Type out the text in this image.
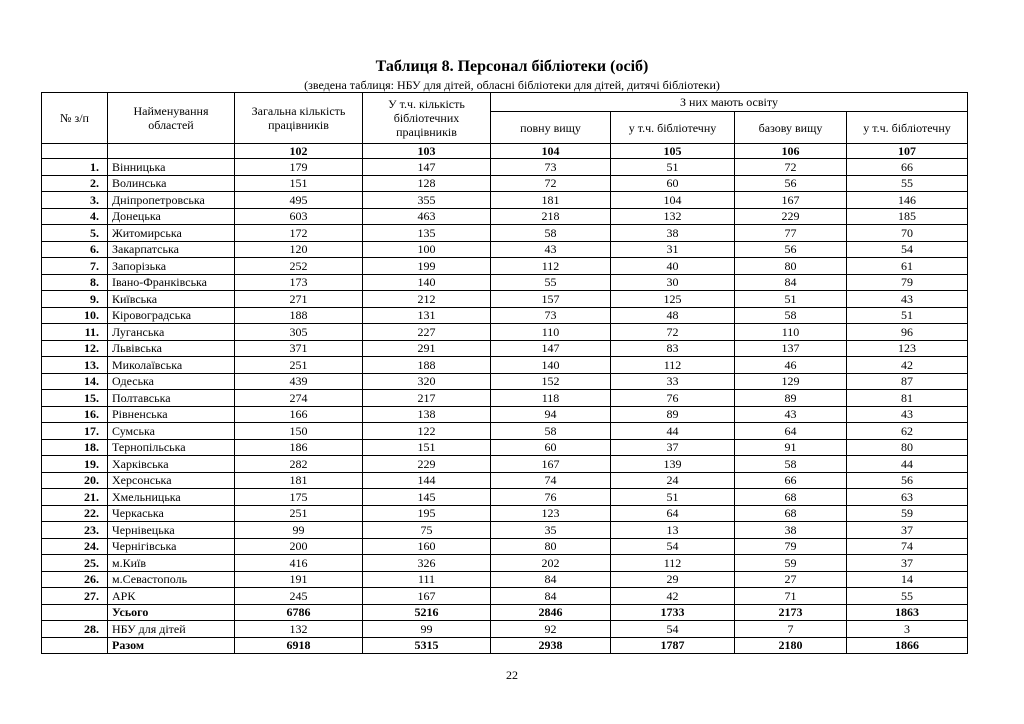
Таблиця 8. Персонал бібліотеки (осіб)
(зведена таблиця: НБУ для дітей, обласні бібліотеки для дітей, дитячі бібліотеки)
№ з/п	Найменування областей	Загальна кількість працівників	У т.ч. кількість бібліотечних працівників	З них мають освіту			
				повну вищу	у т.ч. бібліотечну	базову вищу	у т.ч. бібліотечну
		102	103	104	105	106	107
1.	Вінницька	179	147	73	51	72	66
2.	Волинська	151	128	72	60	56	55
3.	Дніпропетровська	495	355	181	104	167	146
4.	Донецька	603	463	218	132	229	185
5.	Житомирська	172	135	58	38	77	70
6.	Закарпатська	120	100	43	31	56	54
7.	Запорізька	252	199	112	40	80	61
8.	Івано-Франківська	173	140	55	30	84	79
9.	Київська	271	212	157	125	51	43
10.	Кіровоградська	188	131	73	48	58	51
11.	Луганська	305	227	110	72	110	96
12.	Львівська	371	291	147	83	137	123
13.	Миколаївська	251	188	140	112	46	42
14.	Одеська	439	320	152	33	129	87
15.	Полтавська	274	217	118	76	89	81
16.	Рівненська	166	138	94	89	43	43
17.	Сумська	150	122	58	44	64	62
18.	Тернопільська	186	151	60	37	91	80
19.	Харківська	282	229	167	139	58	44
20.	Херсонська	181	144	74	24	66	56
21.	Хмельницька	175	145	76	51	68	63
22.	Черкаська	251	195	123	64	68	59
23.	Чернівецька	99	75	35	13	38	37
24.	Чернігівська	200	160	80	54	79	74
25.	м.Київ	416	326	202	112	59	37
26.	м.Севастополь	191	111	84	29	27	14
27.	АРК	245	167	84	42	71	55
	Усього	6786	5216	2846	1733	2173	1863
28.	НБУ для дітей	132	99	92	54	7	3
	Разом	6918	5315	2938	1787	2180	1866
22
